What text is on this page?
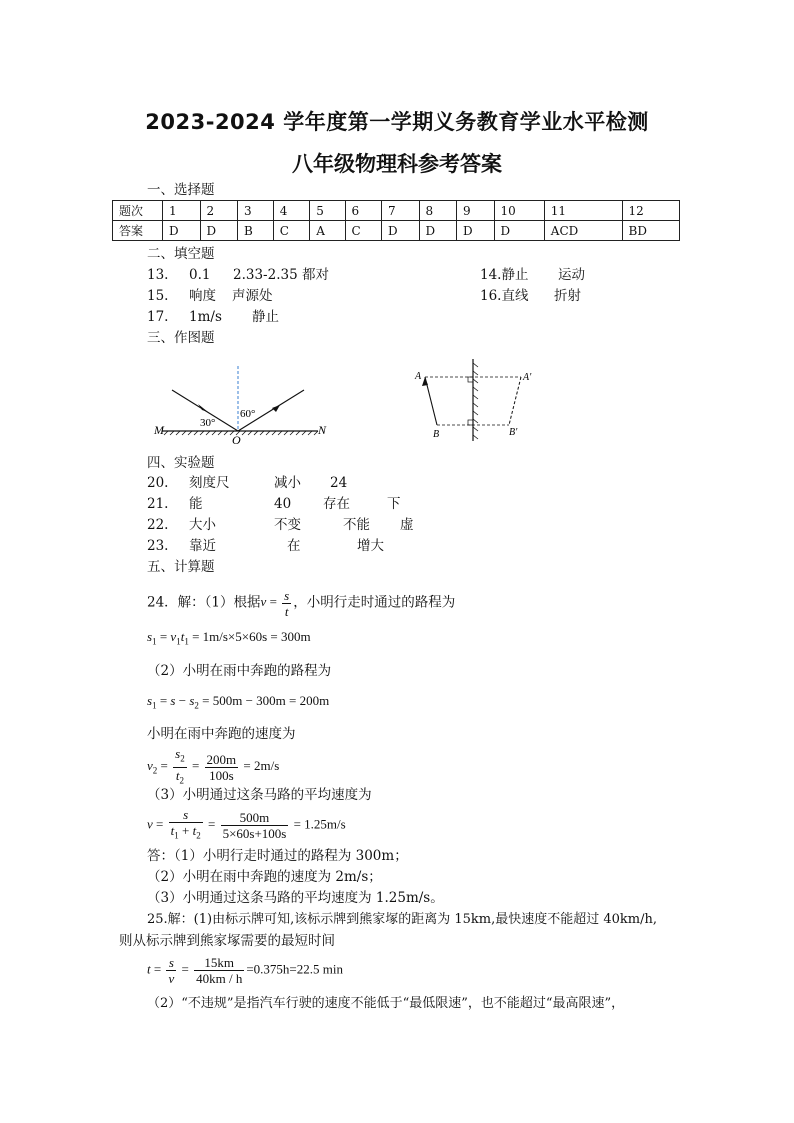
2023-2024 学年度第一学期义务教育学业水平检测
八年级物理科参考答案
一、选择题
题次	1	2	3	4	5	6	7	8	9	10	11	12
答案	D	D	B	C	A	C	D	D	D	D	ACD	BD
二、填空题
13. 0.1 2.33-2.35 都对	14.静止 运动
15. 响度 声源处	16.直线 折射
17. 1m/s 静止
三、作图题
M
O
N
30°
60°
A
B
A'
B'
四、实验题
20. 刻度尺	减小 24
21. 能	40 存在	下
22. 大小	不变	不能 虚
23. 靠近	在	增大
五、计算题
24．解：（1）根据$v = \frac{s}{t}$ ，小明行走时通过的路程为
$s_1 = v_1t_1 = 1m/s\times 5\times 60s = 300m$
（2）小明在雨中奔跑的路程为
$s_1 = s - s_2 = 500m - 300m = 200m$
小明在雨中奔跑的速度为
$v_2 = \frac{s_2}{t_2} = \frac{200m}{100s} = 2m/s$
（3）小明通过这条马路的平均速度为
$v = \frac{s}{t_1 + t_2} = \frac{500m}{5\times 60s+100s} = 1.25m/s$
答：（1）小明行走时通过的路程为 300m；
（2）小明在雨中奔跑的速度为 2m/s；
（3）小明通过这条马路的平均速度为 1.25m/s。
25.解：(1)由标示牌可知,该标示牌到熊家塚的距离为 15km,最快速度不能超过 40km/h,
则从标示牌到熊家塚需要的最短时间
$t = \frac{s}{v} = \frac{15km}{40km / h} =0.375h=22.5$ min
（2）“不违规”是指汽车行驶的速度不能低于“最低限速”，也不能超过“最高限速”，
